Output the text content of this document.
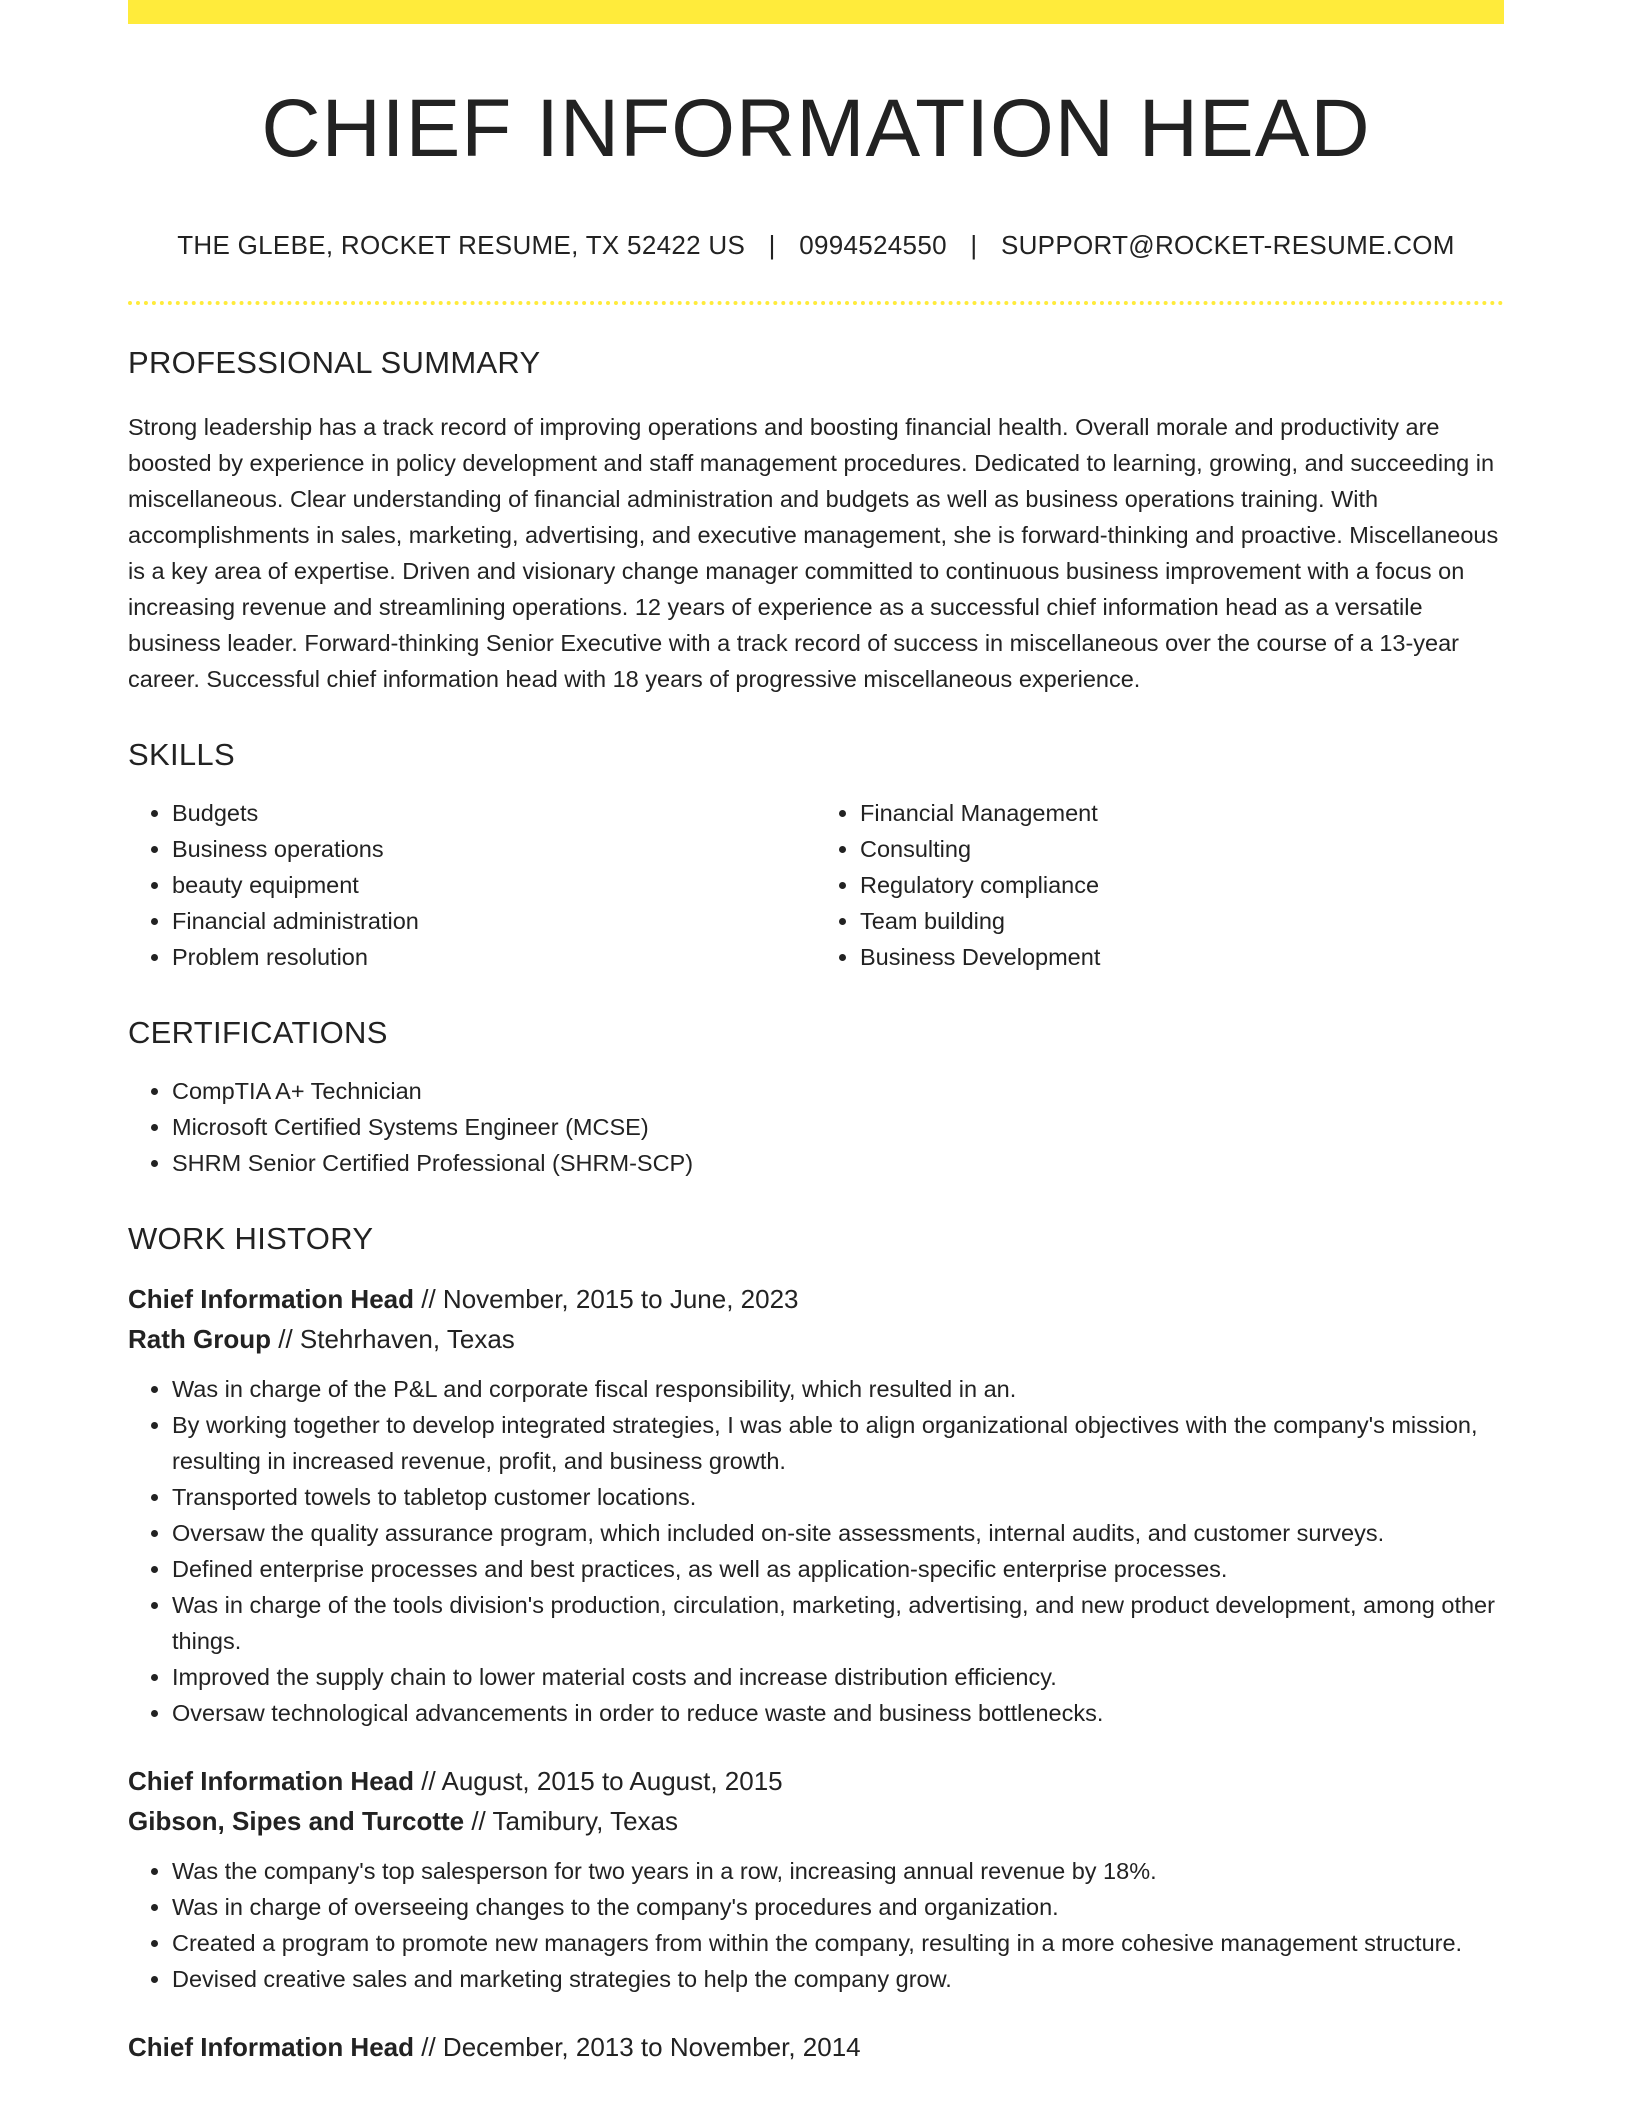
CHIEF INFORMATION HEAD
THE GLEBE, ROCKET RESUME, TX 52422 US | 0994524550 | SUPPORT@ROCKET-RESUME.COM
PROFESSIONAL SUMMARY
Strong leadership has a track record of improving operations and boosting financial health. Overall morale and productivity are boosted by experience in policy development and staff management procedures. Dedicated to learning, growing, and succeeding in miscellaneous. Clear understanding of financial administration and budgets as well as business operations training. With accomplishments in sales, marketing, advertising, and executive management, she is forward-thinking and proactive. Miscellaneous is a key area of expertise. Driven and visionary change manager committed to continuous business improvement with a focus on increasing revenue and streamlining operations. 12 years of experience as a successful chief information head as a versatile business leader. Forward-thinking Senior Executive with a track record of success in miscellaneous over the course of a 13-year career. Successful chief information head with 18 years of progressive miscellaneous experience.
SKILLS
• Budgets
• Business operations
• beauty equipment
• Financial administration
• Problem resolution
• Financial Management
• Consulting
• Regulatory compliance
• Team building
• Business Development
CERTIFICATIONS
• CompTIA A+ Technician
• Microsoft Certified Systems Engineer (MCSE)
• SHRM Senior Certified Professional (SHRM-SCP)
WORK HISTORY
Chief Information Head // November, 2015 to June, 2023
Rath Group // Stehrhaven, Texas
• Was in charge of the P&L and corporate fiscal responsibility, which resulted in an.
• By working together to develop integrated strategies, I was able to align organizational objectives with the company's mission, resulting in increased revenue, profit, and business growth.
• Transported towels to tabletop customer locations.
• Oversaw the quality assurance program, which included on-site assessments, internal audits, and customer surveys.
• Defined enterprise processes and best practices, as well as application-specific enterprise processes.
• Was in charge of the tools division's production, circulation, marketing, advertising, and new product development, among other things.
• Improved the supply chain to lower material costs and increase distribution efficiency.
• Oversaw technological advancements in order to reduce waste and business bottlenecks.
Chief Information Head // August, 2015 to August, 2015
Gibson, Sipes and Turcotte // Tamibury, Texas
• Was the company's top salesperson for two years in a row, increasing annual revenue by 18%.
• Was in charge of overseeing changes to the company's procedures and organization.
• Created a program to promote new managers from within the company, resulting in a more cohesive management structure.
• Devised creative sales and marketing strategies to help the company grow.
Chief Information Head // December, 2013 to November, 2014
